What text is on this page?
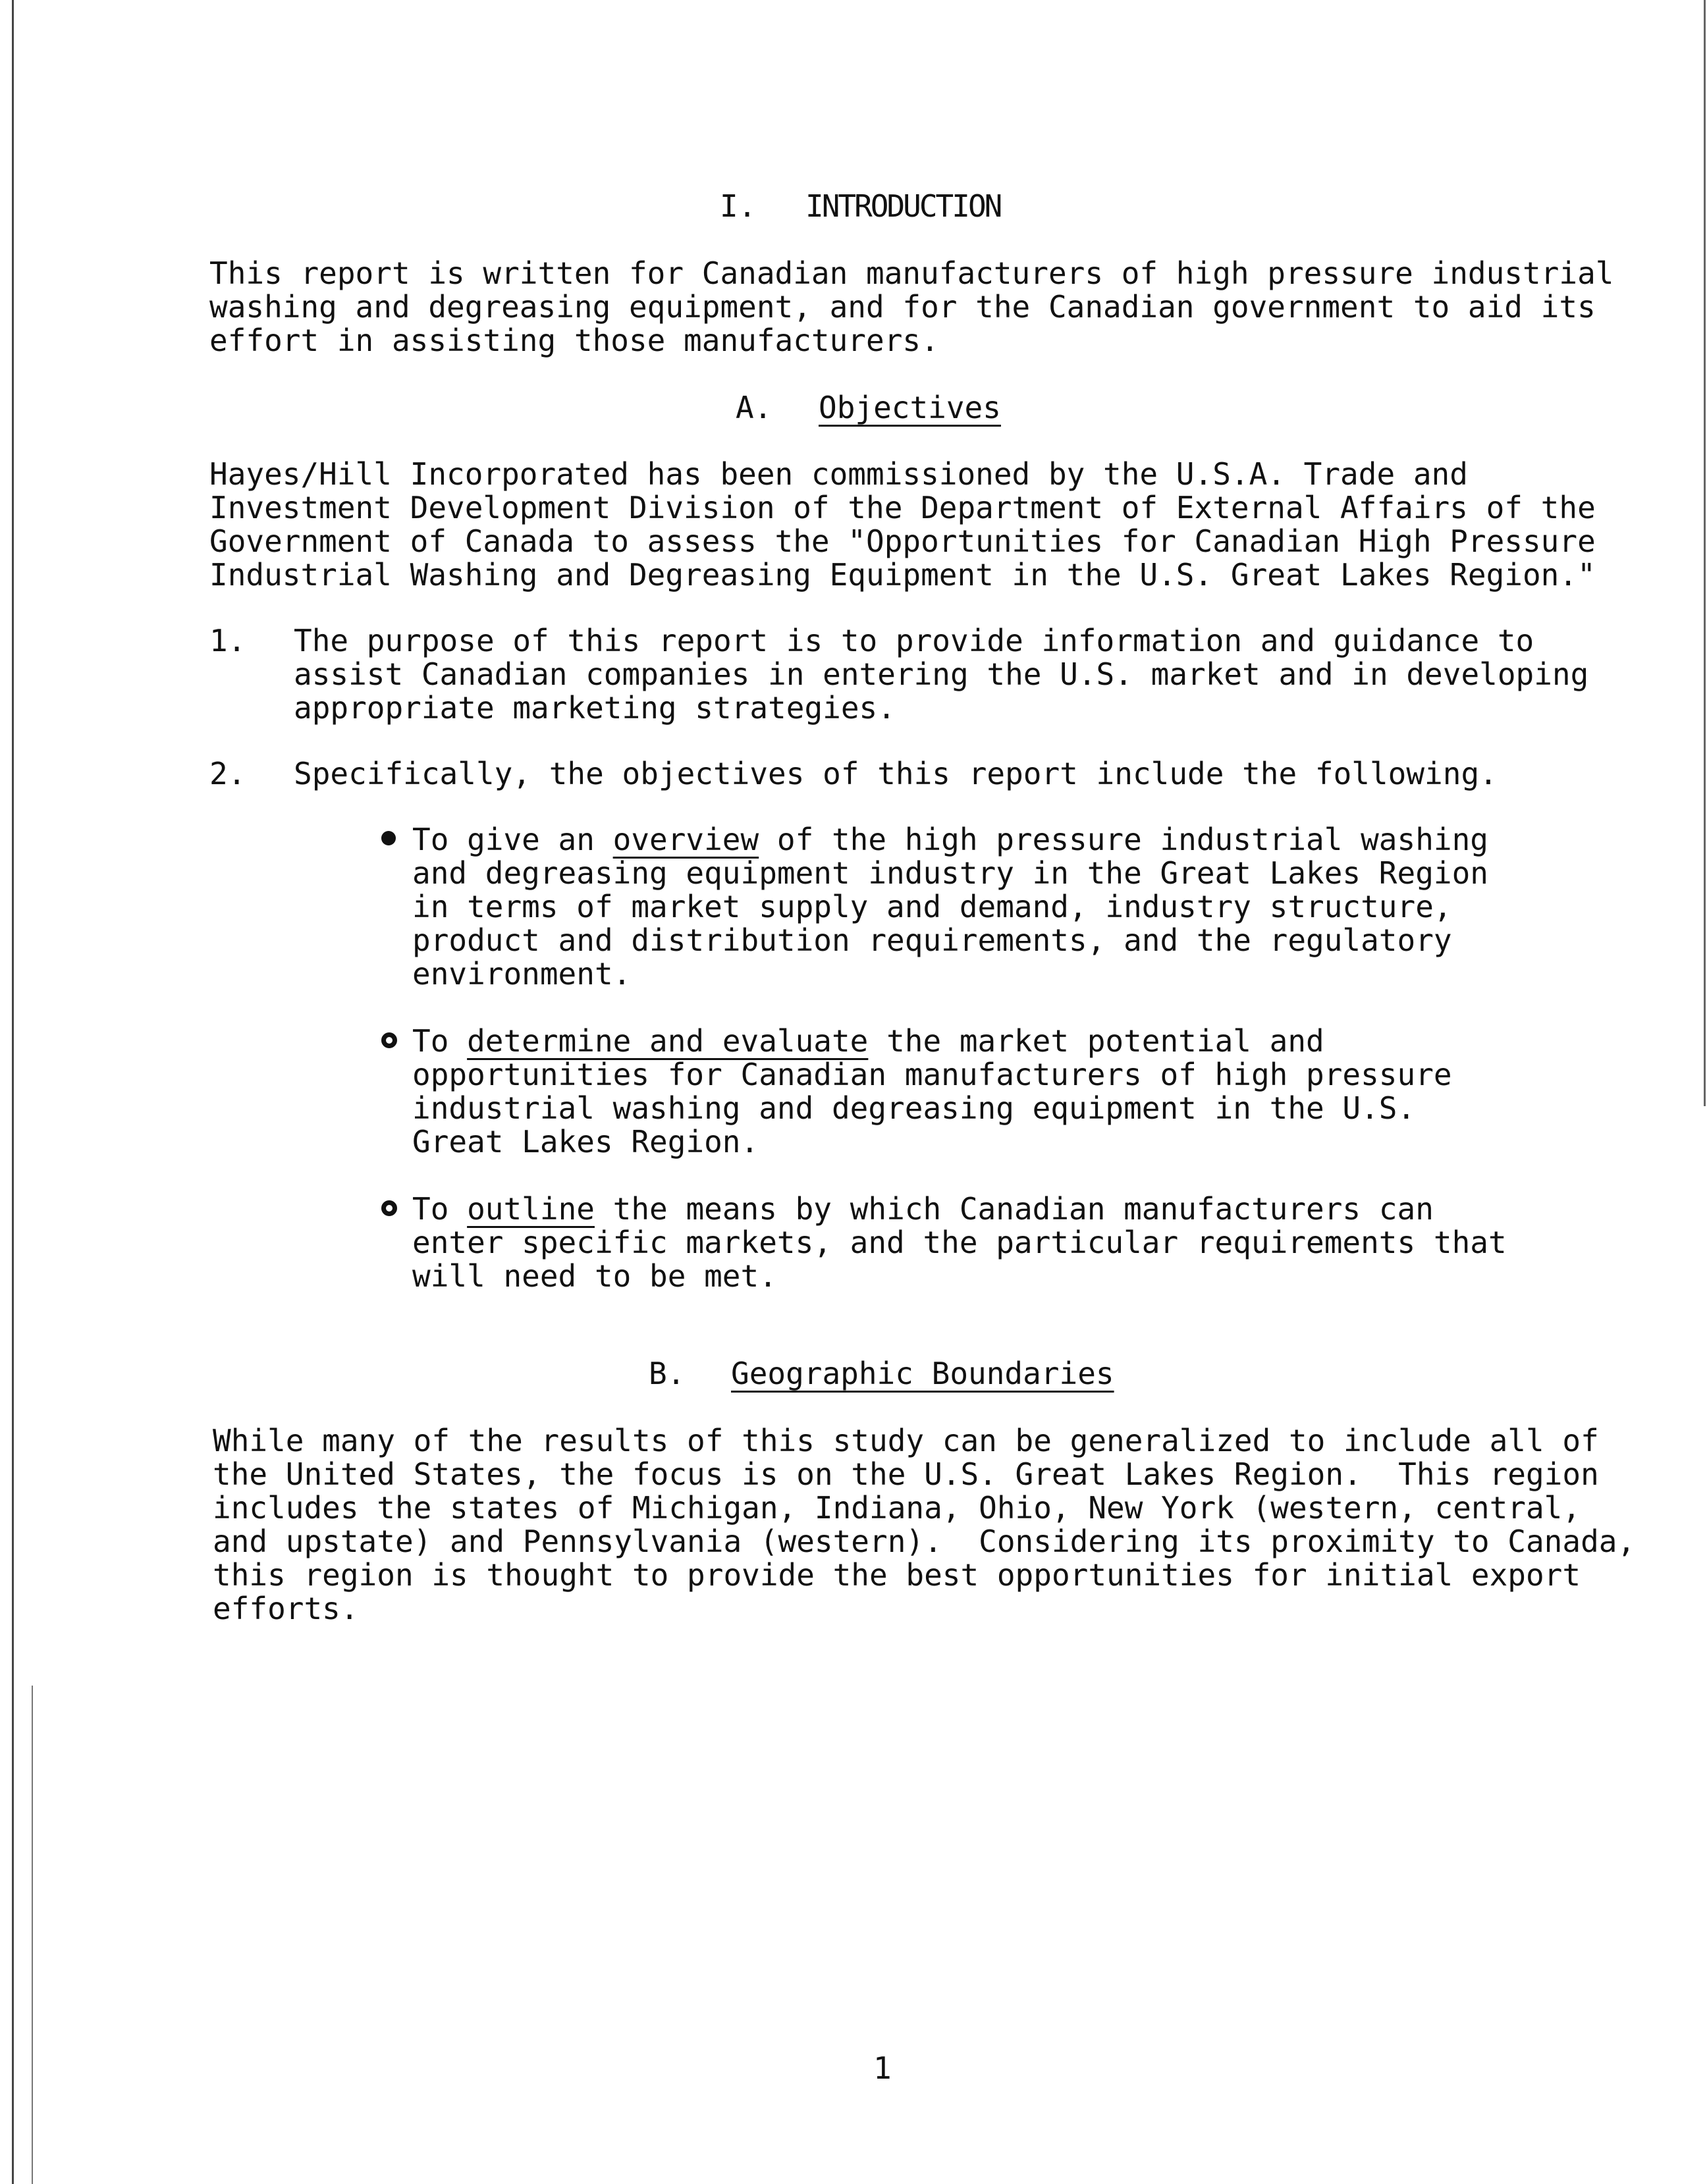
I. INTRODUCTION
This report is written for Canadian manufacturers of high pressure industrial
washing and degreasing equipment, and for the Canadian government to aid its
effort in assisting those manufacturers.
A. Objectives
Hayes/Hill Incorporated has been commissioned by the U.S.A. Trade and
Investment Development Division of the Department of External Affairs of the
Government of Canada to assess the "Opportunities for Canadian High Pressure
Industrial Washing and Degreasing Equipment in the U.S. Great Lakes Region."
1. The purpose of this report is to provide information and guidance to
assist Canadian companies in entering the U.S. market and in developing
appropriate marketing strategies.
2. Specifically, the objectives of this report include the following.
To give an overview of the high pressure industrial washing
and degreasing equipment industry in the Great Lakes Region
in terms of market supply and demand, industry structure,
product and distribution requirements, and the regulatory
environment.
To determine and evaluate the market potential and
opportunities for Canadian manufacturers of high pressure
industrial washing and degreasing equipment in the U.S.
Great Lakes Region.
To outline the means by which Canadian manufacturers can
enter specific markets, and the particular requirements that
will need to be met.
B. Geographic Boundaries
While many of the results of this study can be generalized to include all of
the United States, the focus is on the U.S. Great Lakes Region.  This region
includes the states of Michigan, Indiana, Ohio, New York (western, central,
and upstate) and Pennsylvania (western).  Considering its proximity to Canada,
this region is thought to provide the best opportunities for initial export
efforts.
1
